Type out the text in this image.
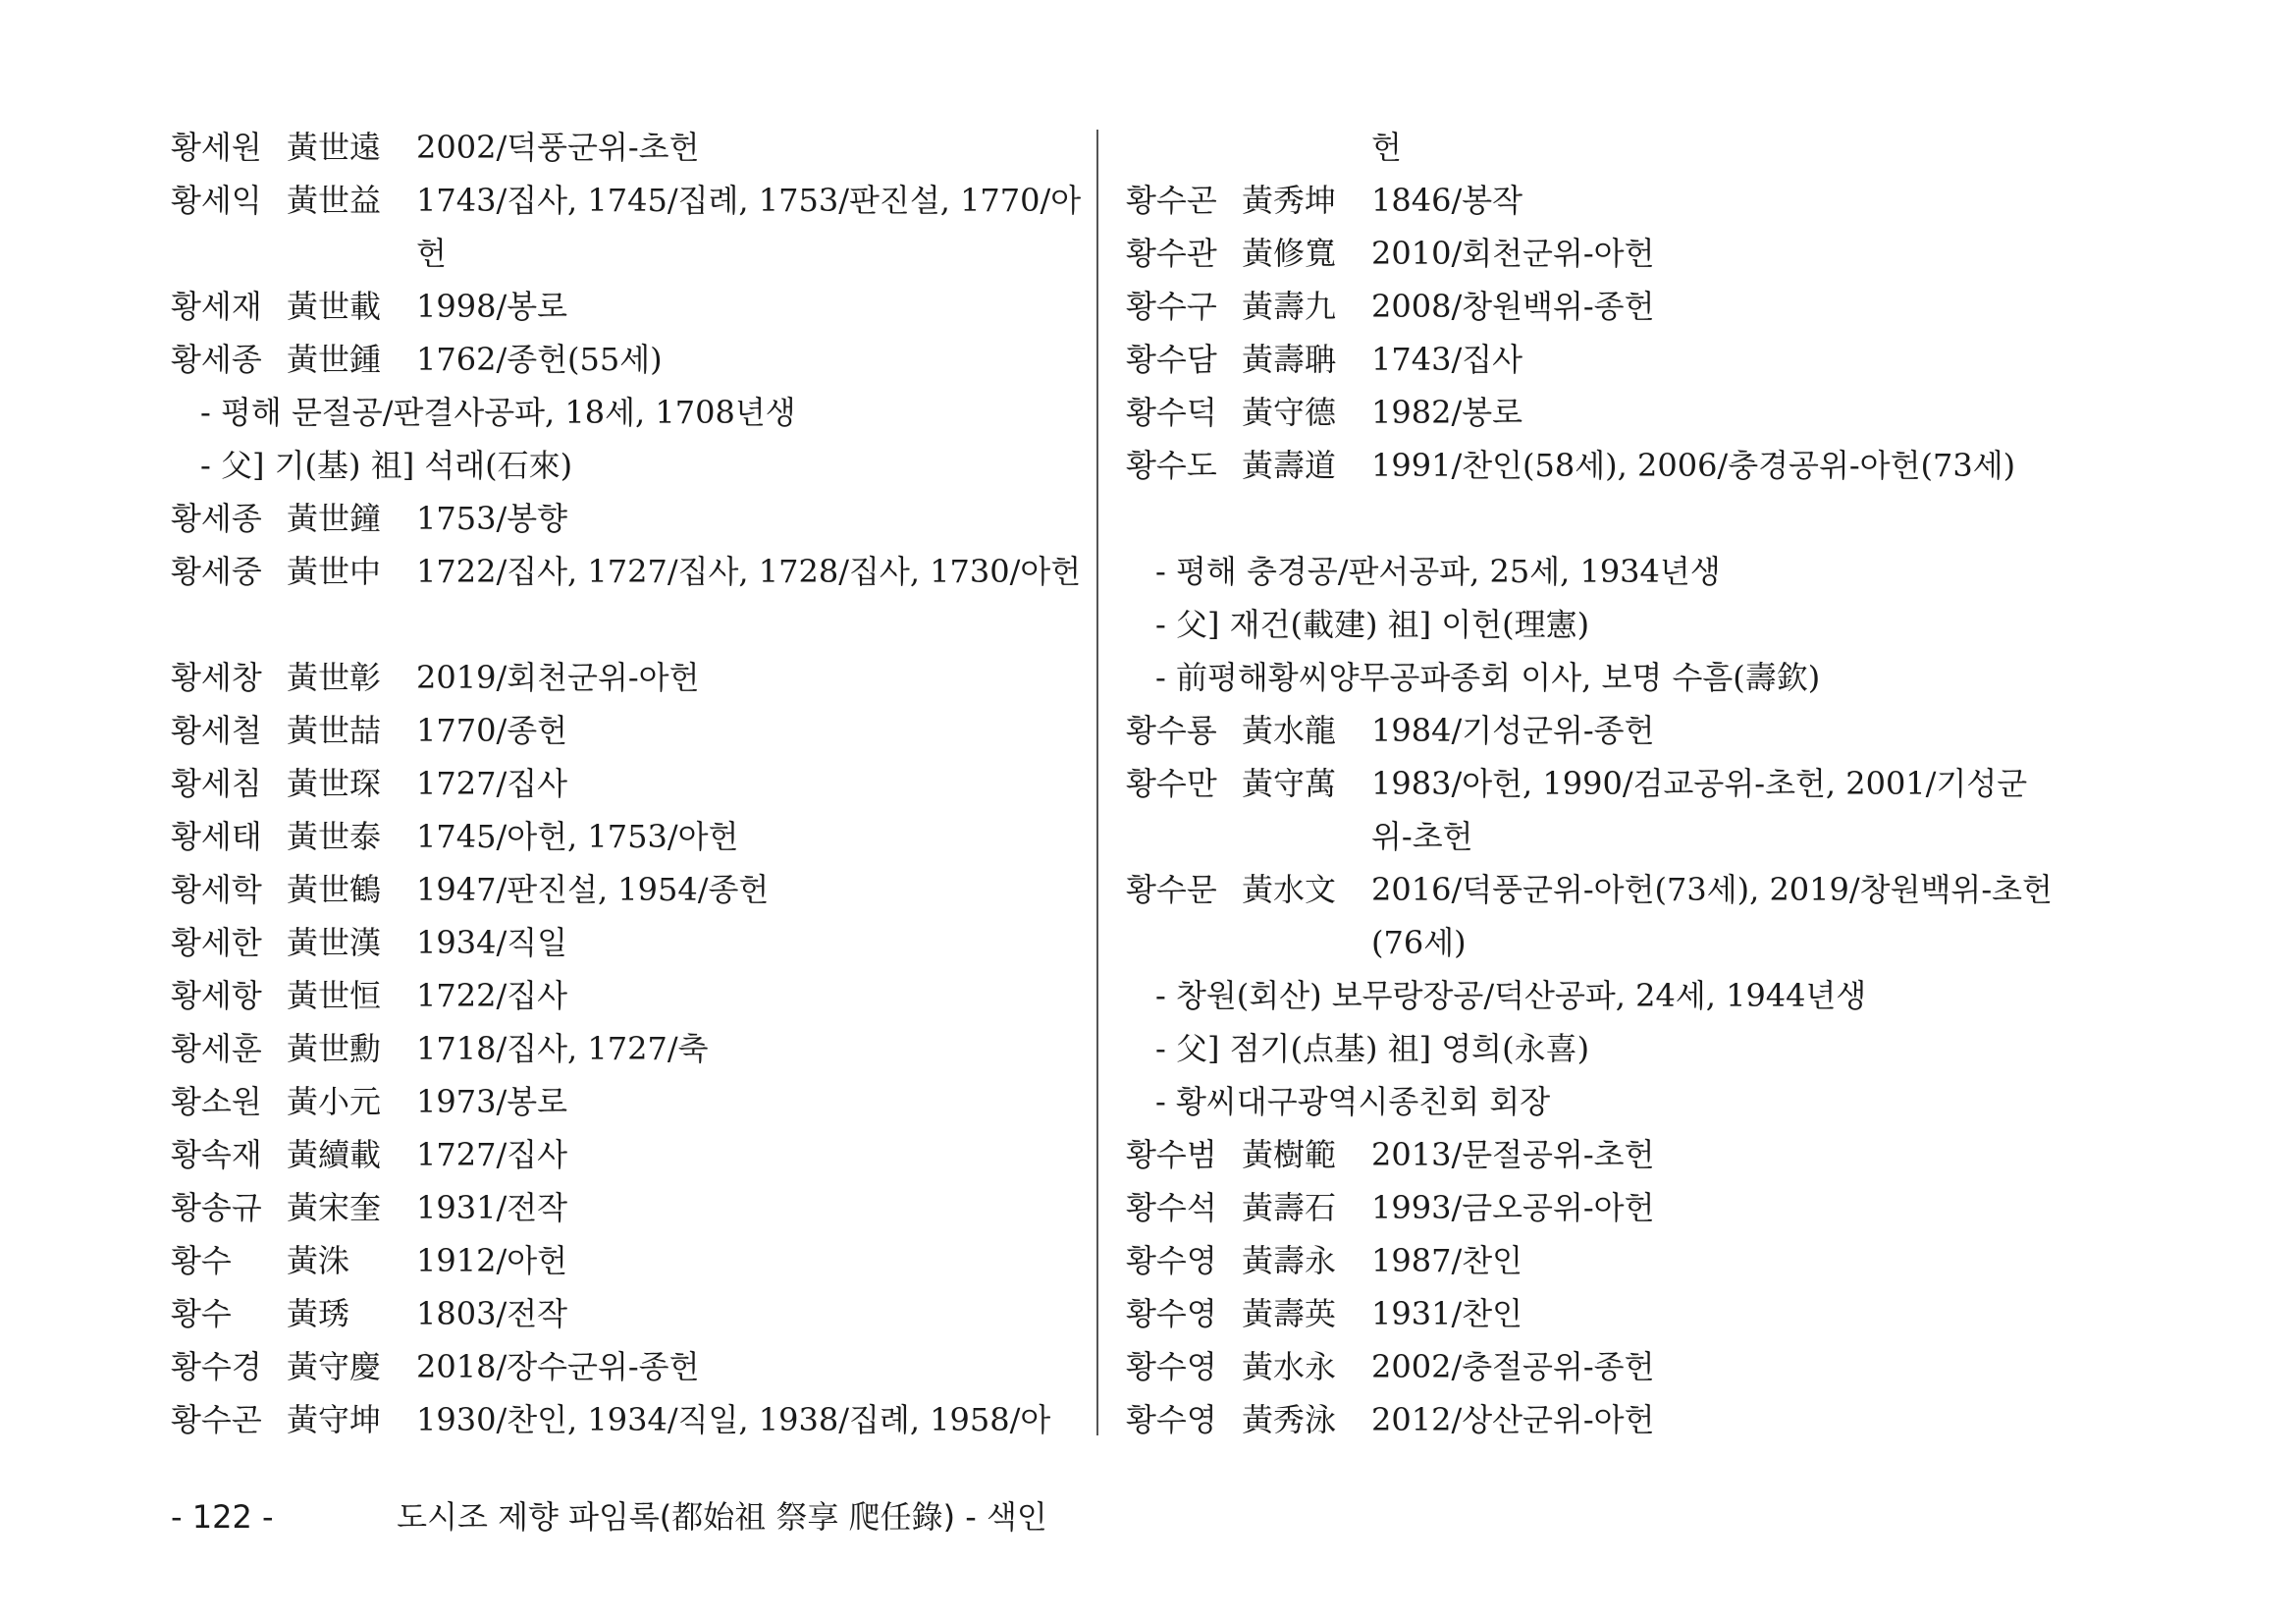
황세원 黃世遠	2002/덕풍군위-초헌
황세익 黃世益	1743/집사, 1745/집례, 1753/판진설, 1770/아헌
황세재 黃世載	1998/봉로
황세종 黃世鍾	1762/종헌(55세)
- 평해 문절공/판결사공파, 18세, 1708년생
- 父] 기(基) 祖] 석래(石來)
황세종 黃世鐘	1753/봉향
황세중 黃世中	1722/집사, 1727/집사, 1728/집사, 1730/아헌
황세창 黃世彰	2019/회천군위-아헌
황세철 黃世喆	1770/종헌
황세침 黃世琛	1727/집사
황세태 黃世泰	1745/아헌, 1753/아헌
황세학 黃世鶴	1947/판진설, 1954/종헌
황세한 黃世漢	1934/직일
황세항 黃世恒	1722/집사
황세훈 黃世勳	1718/집사, 1727/축
황소원 黃小元	1973/봉로
황속재 黃續載	1727/집사
황송규 黃宋奎	1931/전작
황수	黃洙	1912/아헌
황수	黃琇	1803/전작
황수경 黃守慶	2018/장수군위-종헌
황수곤 黃守坤	1930/찬인, 1934/직일, 1938/집례, 1958/아
헌
황수곤 黃秀坤	1846/봉작
황수관 黃修寬	2010/회천군위-아헌
황수구 黃壽九	2008/창원백위-종헌
황수담 黃壽聃	1743/집사
황수덕 黃守德	1982/봉로
황수도 黃壽道	1991/찬인(58세), 2006/충경공위-아헌(73세)
- 평해 충경공/판서공파, 25세, 1934년생
- 父] 재건(載建) 祖] 이헌(理憲)
- 前평해황씨양무공파종회 이사, 보명 수흠(壽欽)
황수룡 黃水龍	1984/기성군위-종헌
황수만 黃守萬	1983/아헌, 1990/검교공위-초헌, 2001/기성군위-초헌
황수문 黃水文	2016/덕풍군위-아헌(73세), 2019/창원백위-초헌(76세)
- 창원(회산) 보무랑장공/덕산공파, 24세, 1944년생
- 父] 점기(点基) 祖] 영희(永喜)
- 황씨대구광역시종친회 회장
황수범 黃樹範	2013/문절공위-초헌
황수석 黃壽石	1993/금오공위-아헌
황수영 黃壽永	1987/찬인
황수영 黃壽英	1931/찬인
황수영 黃水永	2002/충절공위-종헌
황수영 黃秀泳	2012/상산군위-아헌
- 122 -	도시조 제향 파임록(都始祖 祭享 爬任錄) - 색인
